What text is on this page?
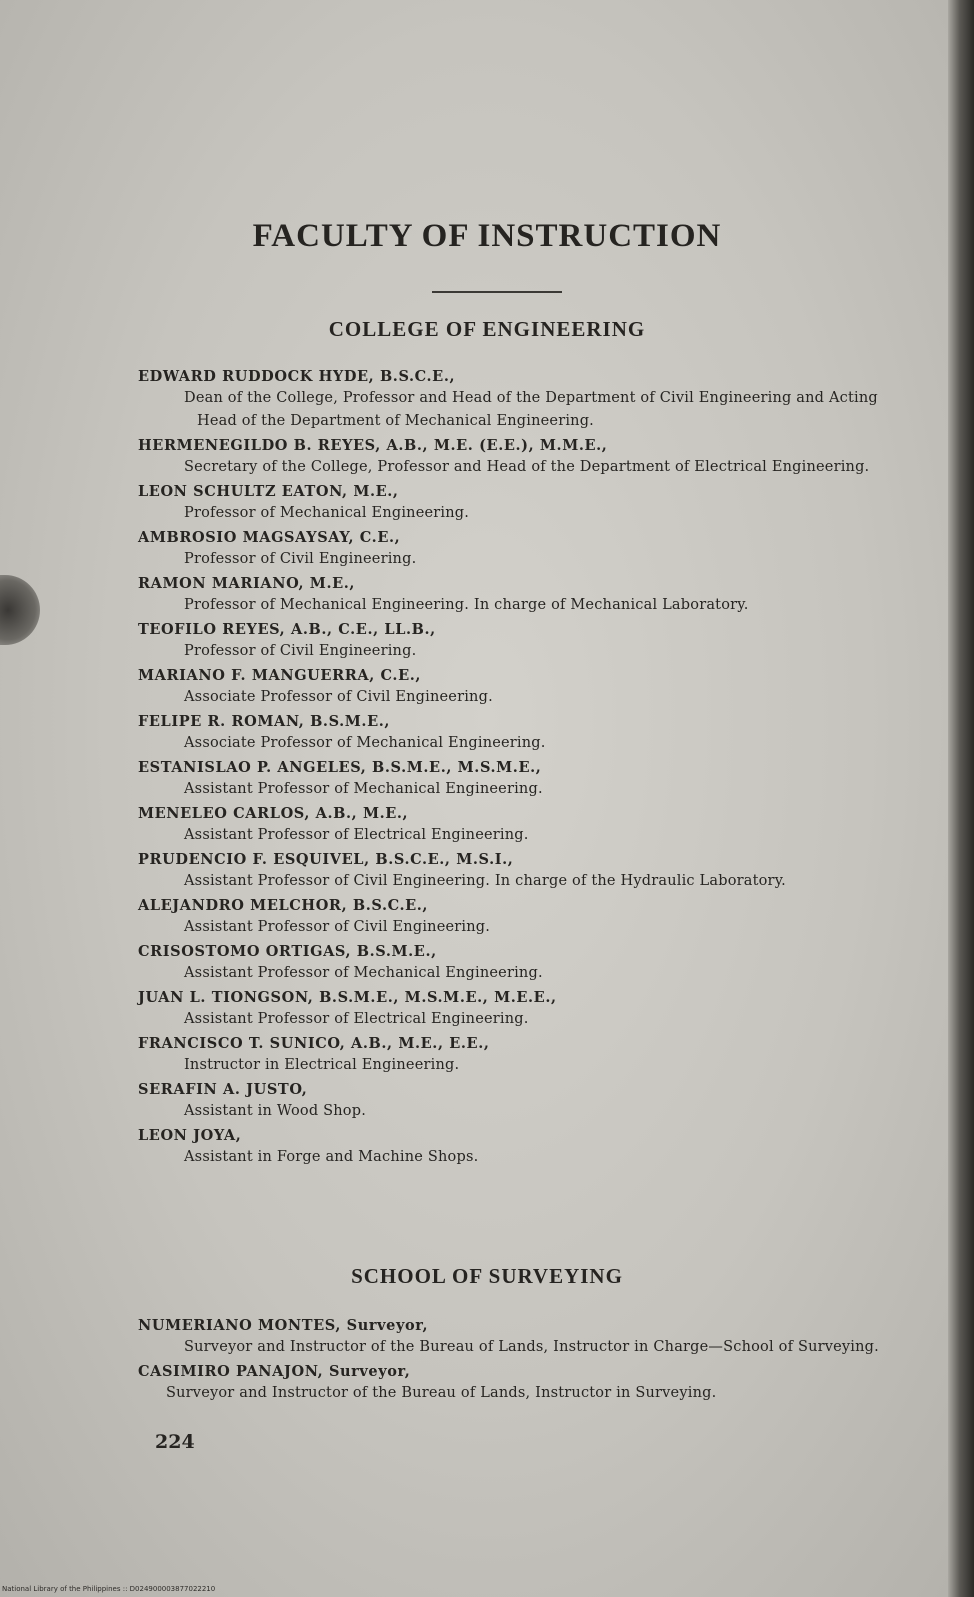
FACULTY OF INSTRUCTION
COLLEGE OF ENGINEERING
EDWARD RUDDOCK HYDE, B.S.C.E.,
Dean of the College, Professor and Head of the Department of Civil Engineering and Acting Head of the Department of Mechanical Engineering.
HERMENEGILDO B. REYES, A.B., M.E. (E.E.), M.M.E.,
Secretary of the College, Professor and Head of the Department of Electrical Engineering.
LEON SCHULTZ EATON, M.E.,
Professor of Mechanical Engineering.
AMBROSIO MAGSAYSAY, C.E.,
Professor of Civil Engineering.
RAMON MARIANO, M.E.,
Professor of Mechanical Engineering. In charge of Mechanical Laboratory.
TEOFILO REYES, A.B., C.E., LL.B.,
Professor of Civil Engineering.
MARIANO F. MANGUERRA, C.E.,
Associate Professor of Civil Engineering.
FELIPE R. ROMAN, B.S.M.E.,
Associate Professor of Mechanical Engineering.
ESTANISLAO P. ANGELES, B.S.M.E., M.S.M.E.,
Assistant Professor of Mechanical Engineering.
MENELEO CARLOS, A.B., M.E.,
Assistant Professor of Electrical Engineering.
PRUDENCIO F. ESQUIVEL, B.S.C.E., M.S.I.,
Assistant Professor of Civil Engineering. In charge of the Hydraulic Laboratory.
ALEJANDRO MELCHOR, B.S.C.E.,
Assistant Professor of Civil Engineering.
CRISOSTOMO ORTIGAS, B.S.M.E.,
Assistant Professor of Mechanical Engineering.
JUAN L. TIONGSON, B.S.M.E., M.S.M.E., M.E.E.,
Assistant Professor of Electrical Engineering.
FRANCISCO T. SUNICO, A.B., M.E., E.E.,
Instructor in Electrical Engineering.
SERAFIN A. JUSTO,
Assistant in Wood Shop.
LEON JOYA,
Assistant in Forge and Machine Shops.
SCHOOL OF SURVEYING
NUMERIANO MONTES, Surveyor,
Surveyor and Instructor of the Bureau of Lands, Instructor in Charge—School of Surveying.
CASIMIRO PANAJON, Surveyor,
Surveyor and Instructor of the Bureau of Lands, Instructor in Surveying.

224

National Library of the Philippines :: D024900003877022210
